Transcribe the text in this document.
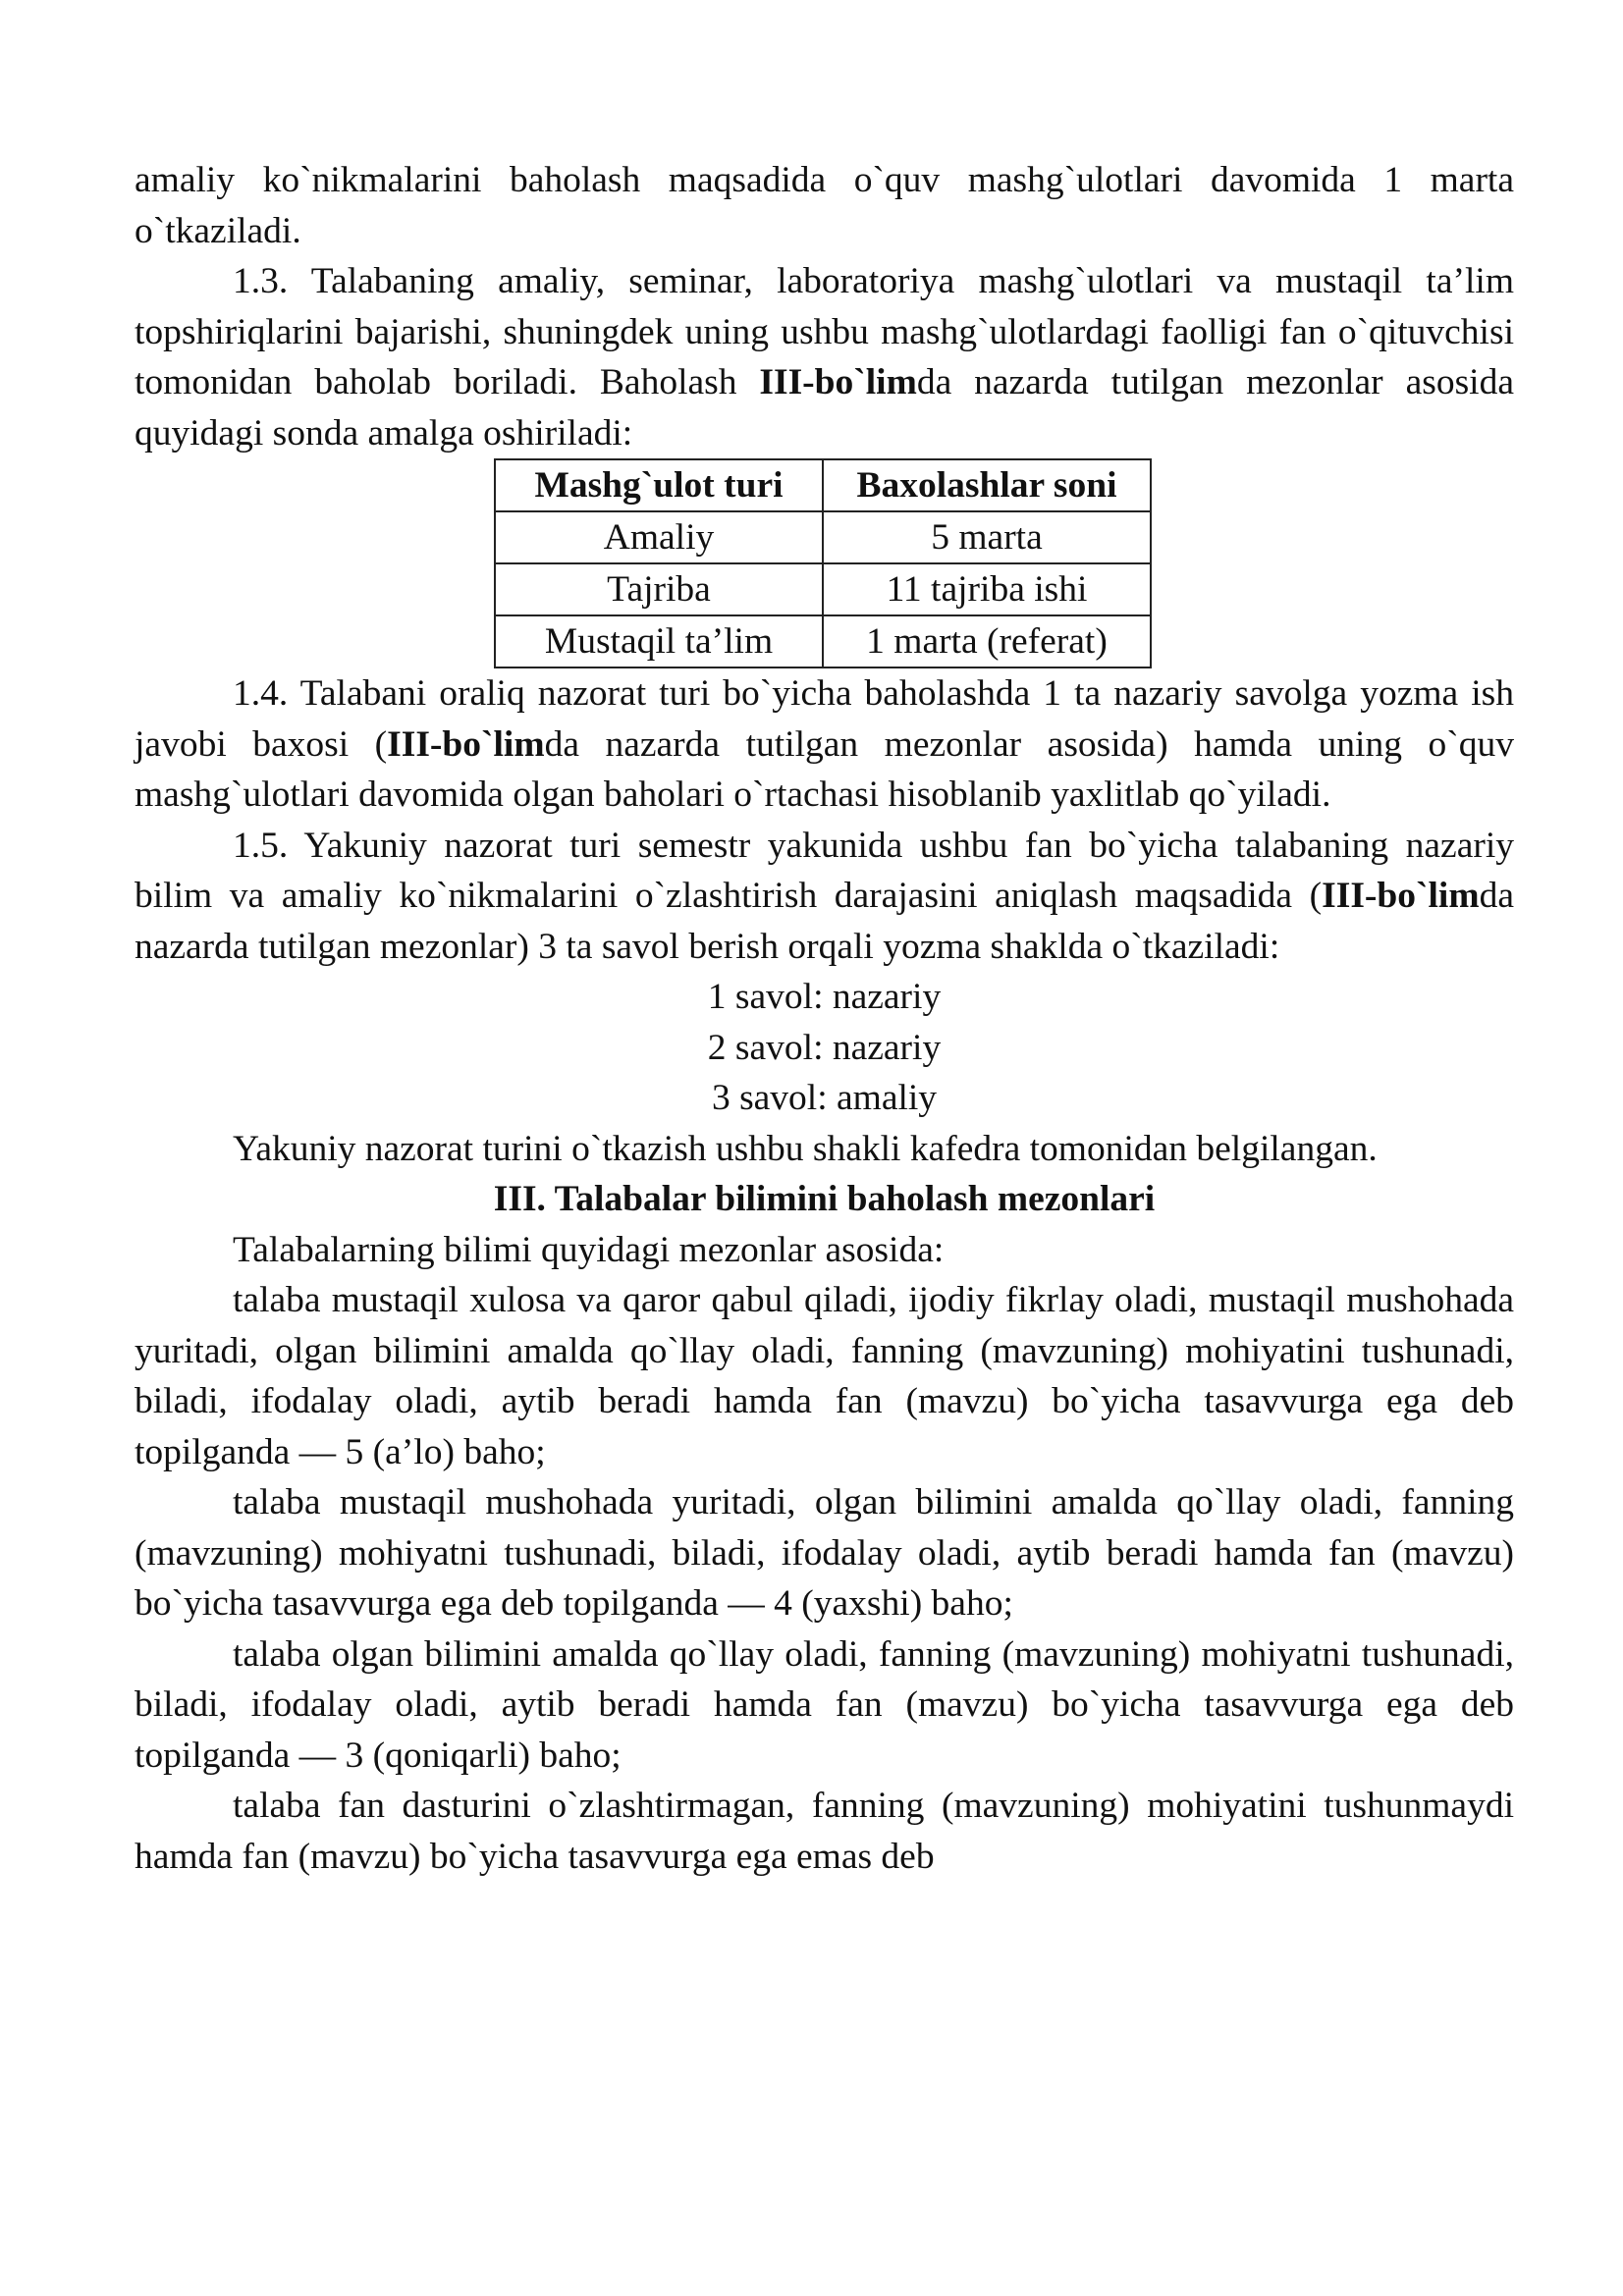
amaliy ko`nikmalarini baholash maqsadida o`quv mashg`ulotlari davomida 1 marta o`tkaziladi.

1.3. Talabaning amaliy, seminar, laboratoriya mashg`ulotlari va mustaqil ta’lim topshiriqlarini bajarishi, shuningdek uning ushbu mashg`ulotlardagi faolligi fan o`qituvchisi tomonidan baholab boriladi. Baholash III-bo`limda nazarda tutilgan mezonlar asosida quyidagi sonda amalga oshiriladi:

Mashg`ulot turi	Baxolashlar soni
Amaliy	5 marta
Tajriba	11 tajriba ishi
Mustaqil ta’lim	1 marta (referat)

1.4. Talabani oraliq nazorat turi bo`yicha baholashda 1 ta nazariy savolga yozma ish javobi baxosi (III-bo`limda nazarda tutilgan mezonlar asosida) hamda uning o`quv mashg`ulotlari davomida olgan baholari o`rtachasi hisoblanib yaxlitlab qo`yiladi.

1.5. Yakuniy nazorat turi semestr yakunida ushbu fan bo`yicha talabaning nazariy bilim va amaliy ko`nikmalarini o`zlashtirish darajasini aniqlash maqsadida (III-bo`limda nazarda tutilgan mezonlar) 3 ta savol berish orqali yozma shaklda o`tkaziladi:

1 savol: nazariy

2 savol: nazariy

3 savol: amaliy

Yakuniy nazorat turini o`tkazish ushbu shakli kafedra tomonidan belgilangan.

III. Talabalar bilimini baholash mezonlari

Talabalarning bilimi quyidagi mezonlar asosida:

talaba mustaqil xulosa va qaror qabul qiladi, ijodiy fikrlay oladi, mustaqil mushohada yuritadi, olgan bilimini amalda qo`llay oladi, fanning (mavzuning) mohiyatini tushunadi, biladi, ifodalay oladi, aytib beradi hamda fan (mavzu) bo`yicha tasavvurga ega deb topilganda — 5 (a’lo) baho;

talaba mustaqil mushohada yuritadi, olgan bilimini amalda qo`llay oladi, fanning (mavzuning) mohiyatni tushunadi, biladi, ifodalay oladi, aytib beradi hamda fan (mavzu) bo`yicha tasavvurga ega deb topilganda — 4 (yaxshi) baho;

talaba olgan bilimini amalda qo`llay oladi, fanning (mavzuning) mohiyatni tushunadi, biladi, ifodalay oladi, aytib beradi hamda fan (mavzu) bo`yicha tasavvurga ega deb topilganda — 3 (qoniqarli) baho;

talaba fan dasturini o`zlashtirmagan, fanning (mavzuning) mohiyatini tushunmaydi hamda fan (mavzu) bo`yicha tasavvurga ega emas deb
